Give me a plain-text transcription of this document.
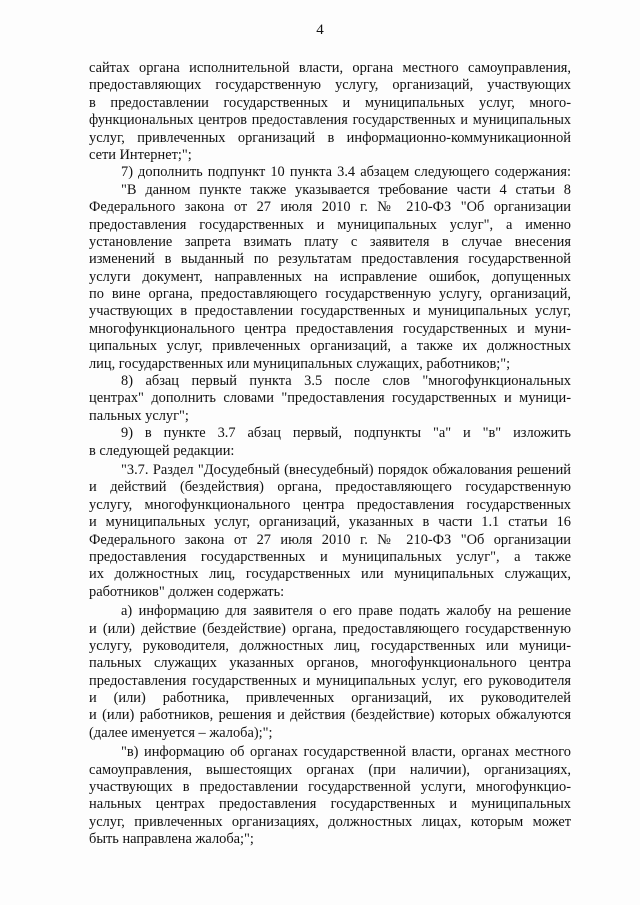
4
сайтах органа исполнительной власти, органа местного самоуправления,
предоставляющих государственную услугу, организаций, участвующих
в предоставлении государственных и муниципальных услуг, много-
функциональных центров предоставления государственных и муниципальных
услуг, привлеченных организаций в информационно-коммуникационной
сети Интернет;";
7) дополнить подпункт 10 пункта 3.4 абзацем следующего содержания:
"В данном пункте также указывается требование части 4 статьи 8
Федерального закона от 27 июля 2010 г. № 210-ФЗ "Об организации
предоставления государственных и муниципальных услуг", а именно
установление запрета взимать плату с заявителя в случае внесения
изменений в выданный по результатам предоставления государственной
услуги документ, направленных на исправление ошибок, допущенных
по вине органа, предоставляющего государственную услугу, организаций,
участвующих в предоставлении государственных и муниципальных услуг,
многофункционального центра предоставления государственных и муни-
ципальных услуг, привлеченных организаций, а также их должностных
лиц, государственных или муниципальных служащих, работников;";
8) абзац первый пункта 3.5 после слов "многофункциональных
центрах" дополнить словами "предоставления государственных и муници-
пальных услуг";
9) в пункте 3.7 абзац первый, подпункты "а" и "в" изложить
в следующей редакции:
"3.7. Раздел "Досудебный (внесудебный) порядок обжалования решений
и действий (бездействия) органа, предоставляющего государственную
услугу, многофункционального центра предоставления государственных
и муниципальных услуг, организаций, указанных в части 1.1 статьи 16
Федерального закона от 27 июля 2010 г. № 210-ФЗ "Об организации
предоставления государственных и муниципальных услуг", а также
их должностных лиц, государственных или муниципальных служащих,
работников" должен содержать:
а) информацию для заявителя о его праве подать жалобу на решение
и (или) действие (бездействие) органа, предоставляющего государственную
услугу, руководителя, должностных лиц, государственных или муници-
пальных служащих указанных органов, многофункционального центра
предоставления государственных и муниципальных услуг, его руководителя
и (или) работника, привлеченных организаций, их руководителей
и (или) работников, решения и действия (бездействие) которых обжалуются
(далее именуется – жалоба);";
"в) информацию об органах государственной власти, органах местного
самоуправления, вышестоящих органах (при наличии), организациях,
участвующих в предоставлении государственной услуги, многофункцио-
нальных центрах предоставления государственных и муниципальных
услуг, привлеченных организациях, должностных лицах, которым может
быть направлена жалоба;";
